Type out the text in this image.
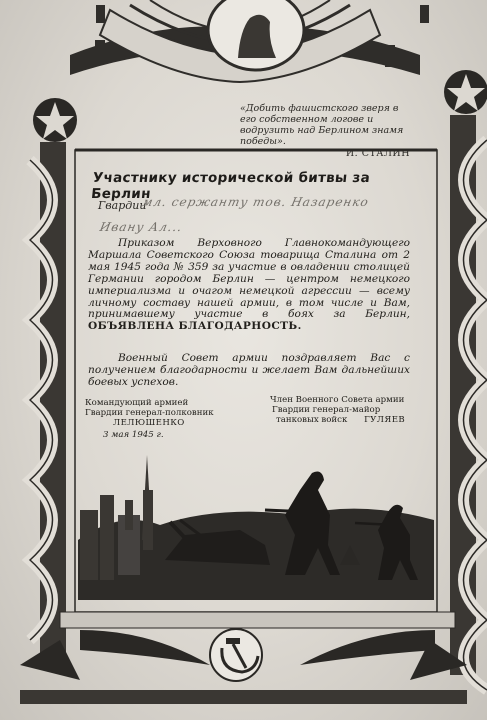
«Добить фашистского зверя в его собственном логове и водрузить над Берлином знамя победы».
И. СТАЛИН
Участнику исторической битвы за Берлин
Гвардии
мл. сержанту тов. Назаренко
Ивану Ал...
Приказом Верховного Главнокомандующего Маршала Советского Союза товарища Сталина от 2 мая 1945 года № 359 за участие в овладении столицей Германии городом Берлин — центром немецкого империализма и очагом немецкой агрессии — всему личному составу нашей армии, в том числе и Вам, принимавшему участие в боях за Берлин, ОБЪЯВЛЕНА БЛАГОДАРНОСТЬ.
Военный Совет армии поздравляет Вас с получением благодарности и желает Вам дальнейших боевых успехов.
Командующий армией
Гвардии генерал-полковник
ЛЕЛЮШЕНКО
3 мая 1945 г.
Член Военного Совета армии
Гвардии генерал-майор
танковых войск ГУЛЯЕВ
